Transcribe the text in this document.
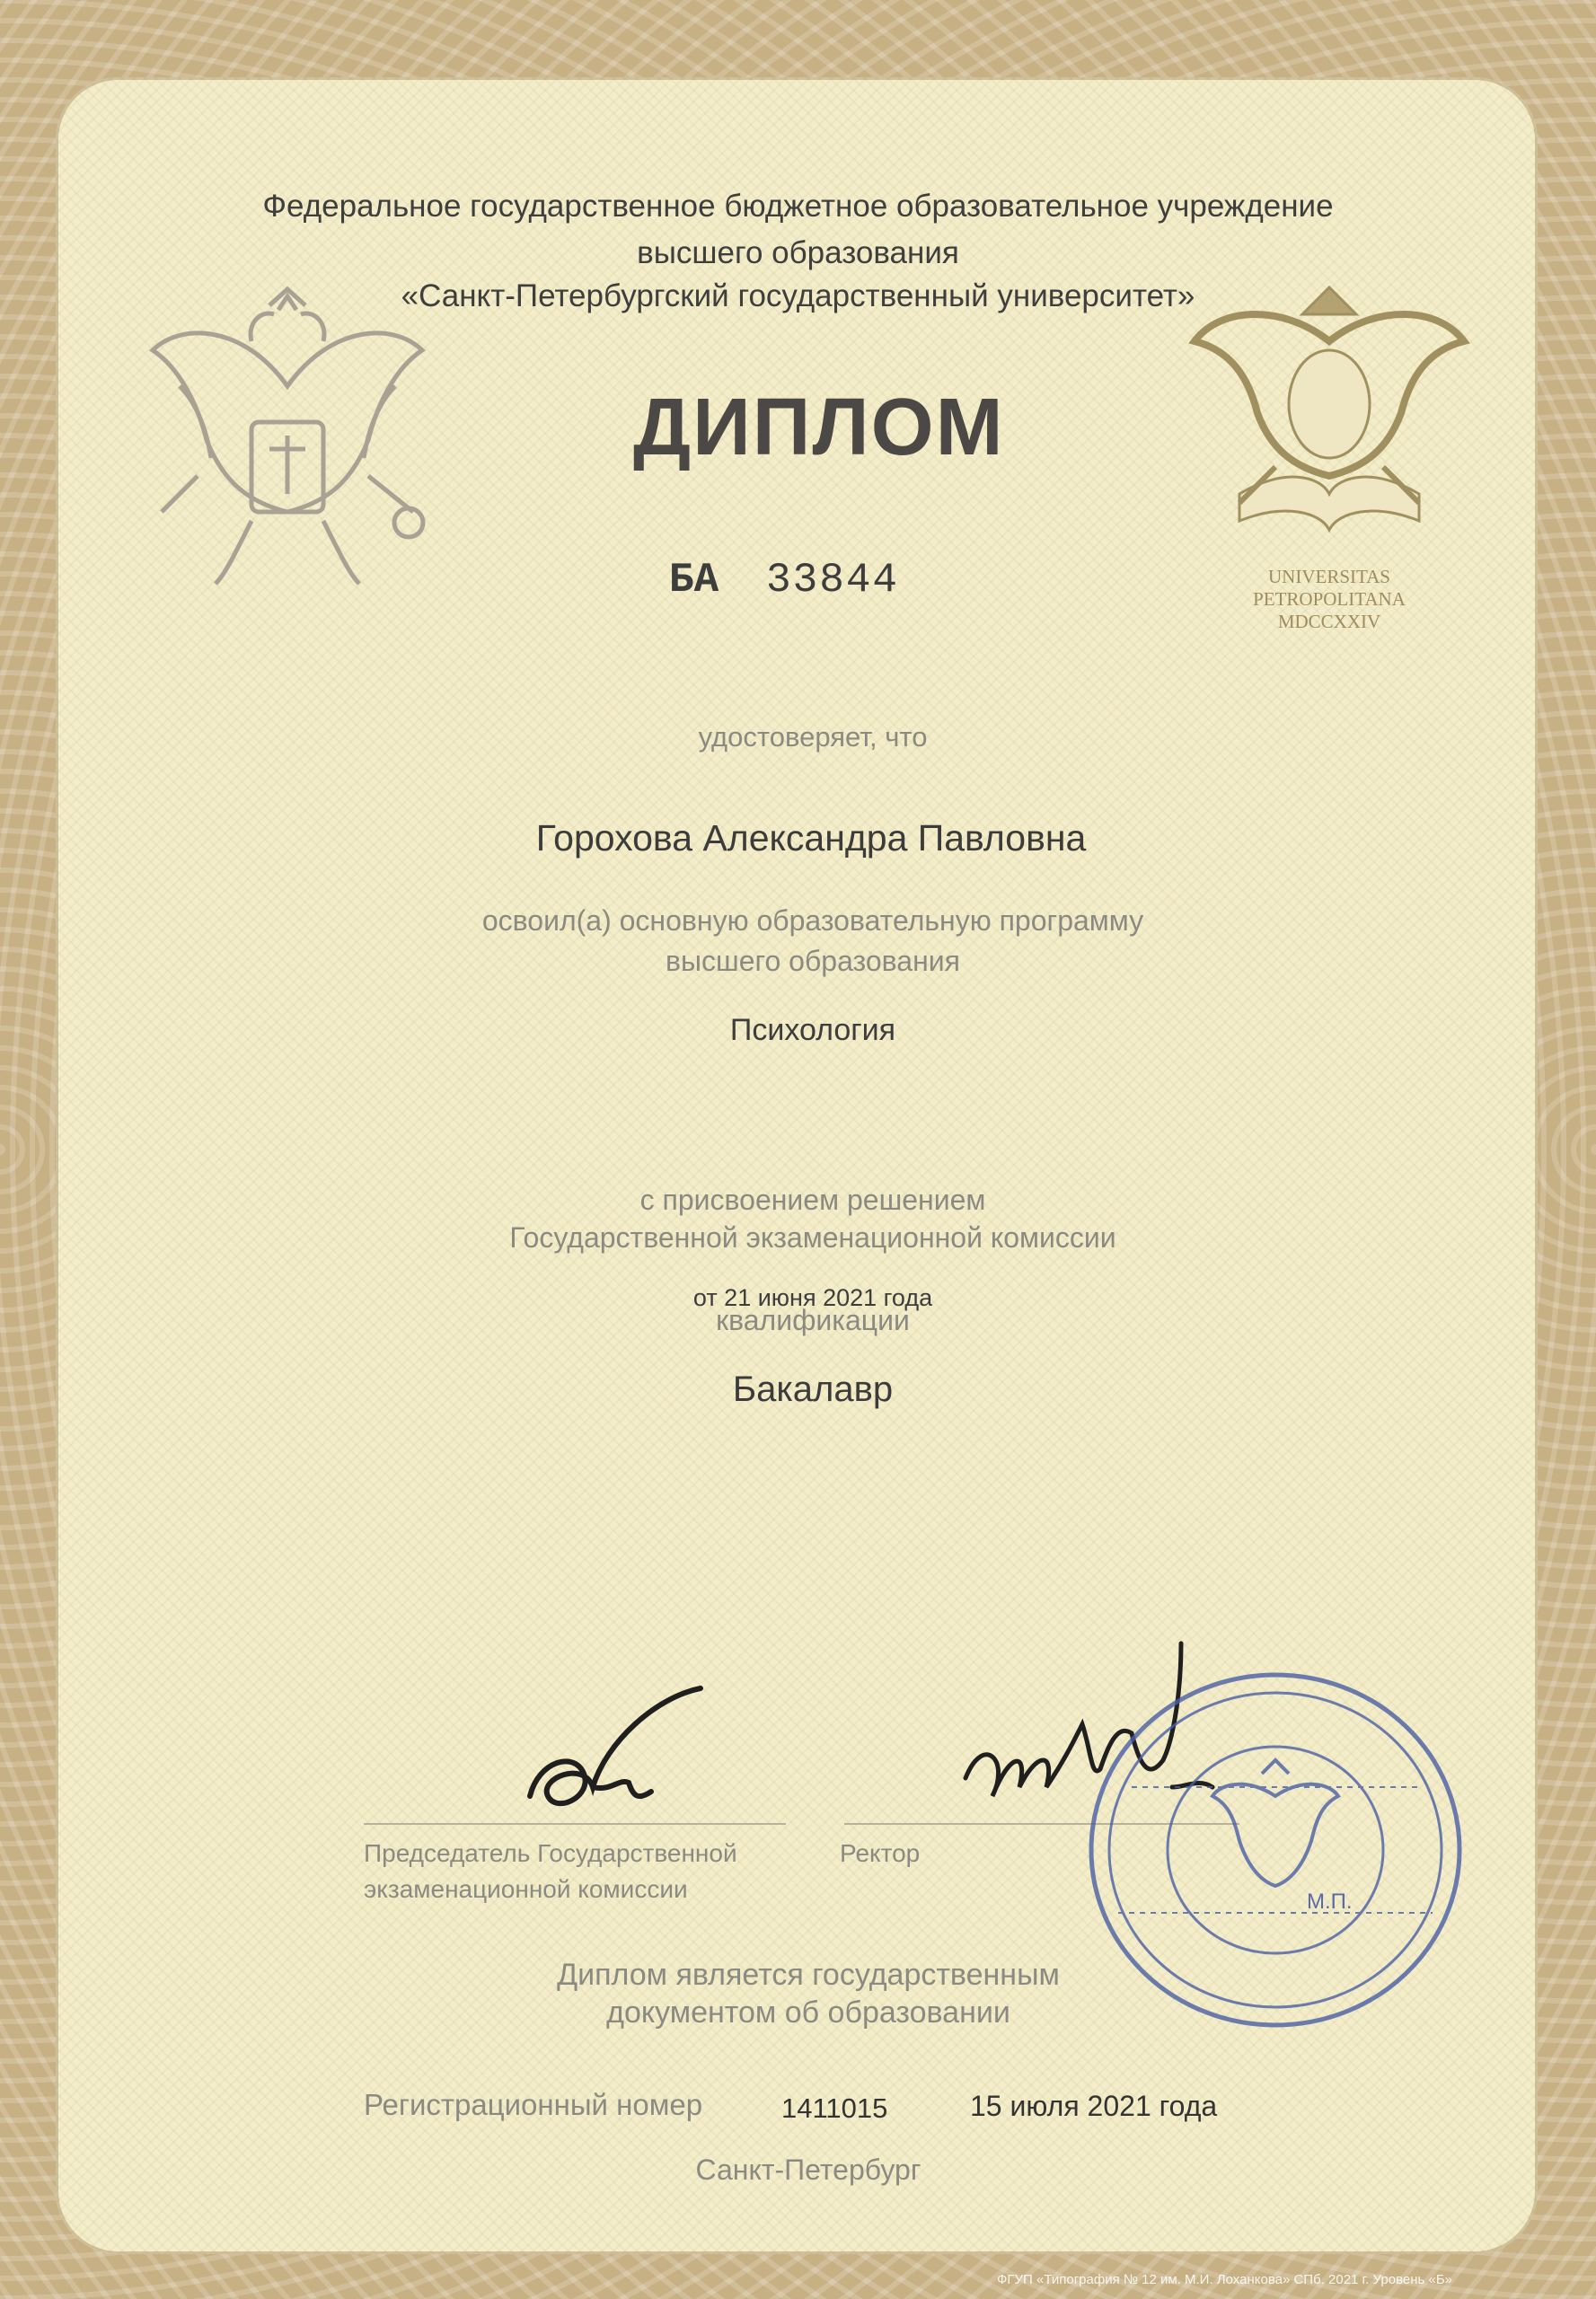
Федеральное государственное бюджетное образовательное учреждение
высшего образования
«Санкт-Петербургский государственный университет»
UNIVERSITAS
PETROPOLITANA
MDCCXXIV
ДИПЛОМ
БА 33844
удостоверяет, что
Горохова Александра Павловна
освоил(а) основную образовательную программу
высшего образования
Психология
с присвоением решением
Государственной экзаменационной комиссии
от 21 июня 2021 года
квалификации
Бакалавр
Председатель Государственной
экзаменационной комиссии
Ректор
М.П.
Диплом является государственным
документом об образовании
Регистрационный номер	1411015	15 июля 2021 года
Санкт-Петербург
ФГУП «Типография № 12 им. М.И. Лоханкова» СПб. 2021 г. Уровень «Б»
